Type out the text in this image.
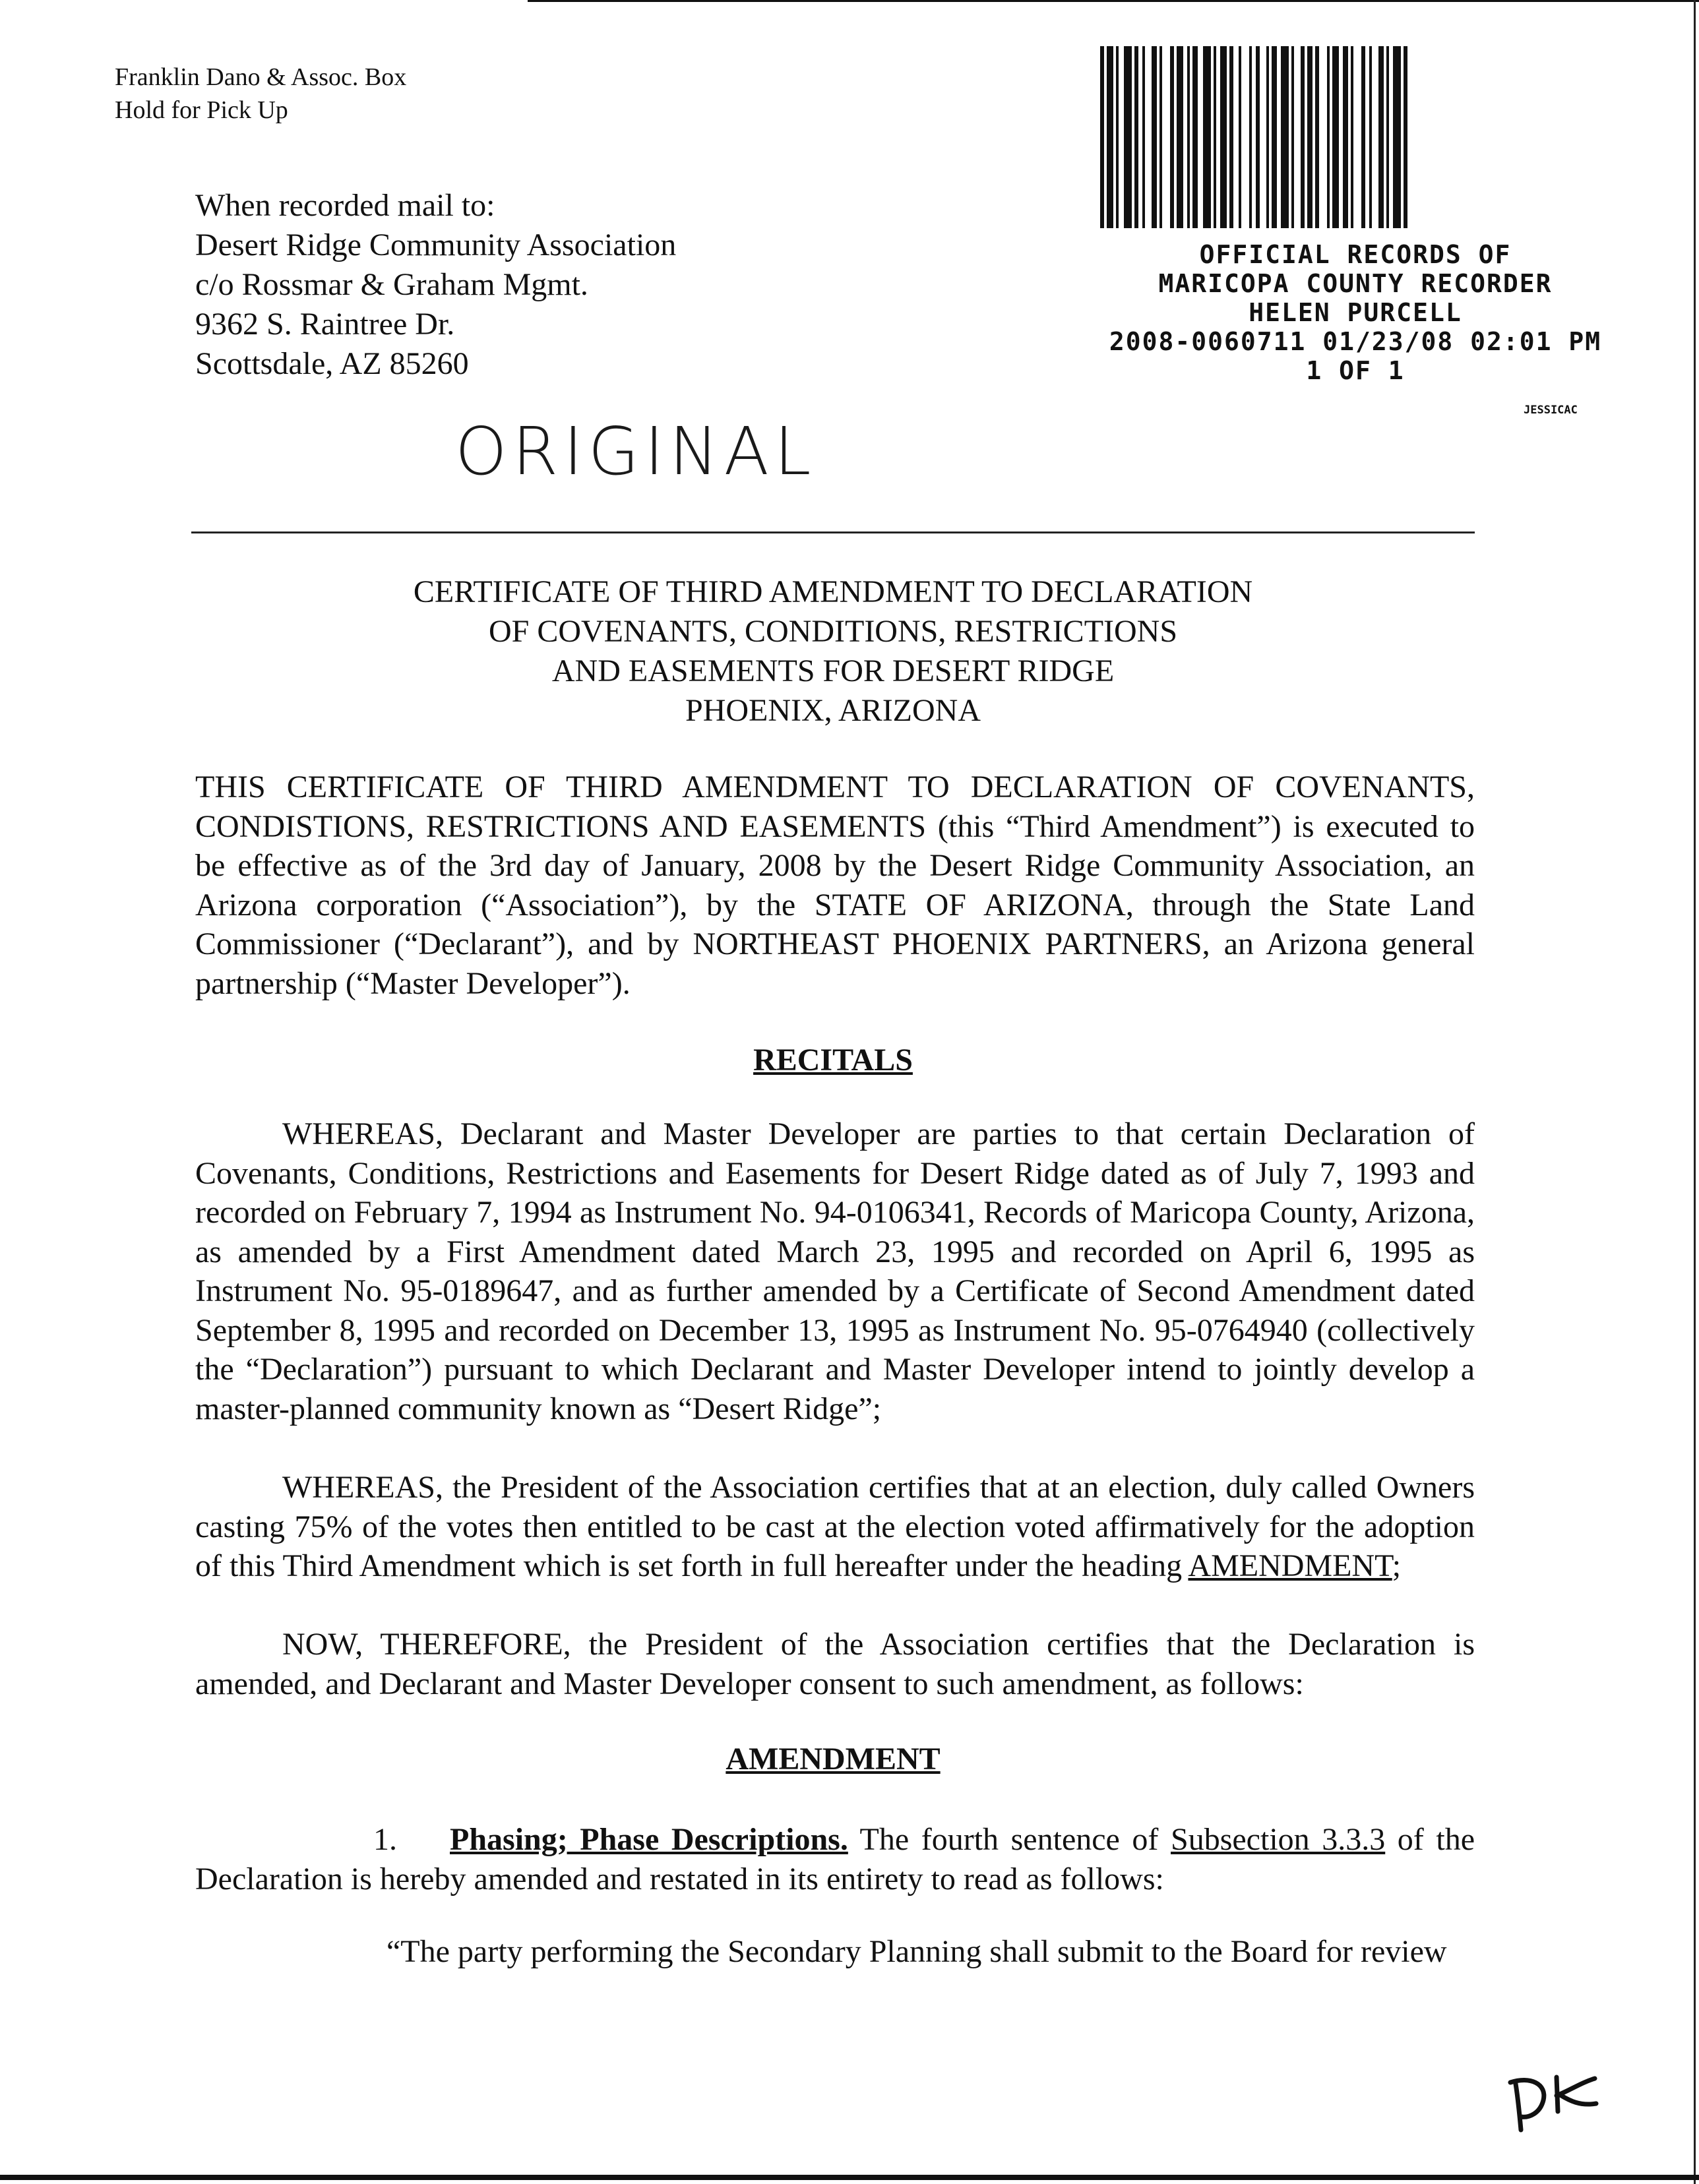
Franklin Dano & Assoc. Box
Hold for Pick Up
When recorded mail to:
Desert Ridge Community Association
c/o Rossmar & Graham Mgmt.
9362 S. Raintree Dr.
Scottsdale, AZ 85260
ORIGINAL
OFFICIAL RECORDS OF
MARICOPA COUNTY RECORDER
HELEN PURCELL
2008-0060711 01/23/08 02:01 PM
1 OF 1
JESSICAC
CERTIFICATE OF THIRD AMENDMENT TO DECLARATION
OF COVENANTS, CONDITIONS, RESTRICTIONS
AND EASEMENTS FOR DESERT RIDGE
PHOENIX, ARIZONA
THIS CERTIFICATE OF THIRD AMENDMENT TO DECLARATION OF COVENANTS, CONDISTIONS, RESTRICTIONS AND EASEMENTS (this “Third Amendment”) is executed to be effective as of the 3rd day of January, 2008 by the Desert Ridge Community Association, an Arizona corporation (“Association”), by the STATE OF ARIZONA, through the State Land Commissioner (“Declarant”), and by NORTHEAST PHOENIX PARTNERS, an Arizona general partnership (“Master Developer”).
RECITALS
WHEREAS, Declarant and Master Developer are parties to that certain Declaration of Covenants, Conditions, Restrictions and Easements for Desert Ridge dated as of July 7, 1993 and recorded on February 7, 1994 as Instrument No. 94-0106341, Records of Maricopa County, Arizona, as amended by a First Amendment dated March 23, 1995 and recorded on April 6, 1995 as Instrument No. 95-0189647, and as further amended by a Certificate of Second Amendment dated September 8, 1995 and recorded on December 13, 1995 as Instrument No. 95-0764940 (collectively the “Declaration”) pursuant to which Declarant and Master Developer intend to jointly develop a master-planned community known as “Desert Ridge”;
WHEREAS, the President of the Association certifies that at an election, duly called Owners casting 75% of the votes then entitled to be cast at the election voted affirmatively for the adoption of this Third Amendment which is set forth in full hereafter under the heading AMENDMENT;
NOW, THEREFORE, the President of the Association certifies that the Declaration is amended, and Declarant and Master Developer consent to such amendment, as follows:
AMENDMENT
1. Phasing; Phase Descriptions. The fourth sentence of Subsection 3.3.3 of the Declaration is hereby amended and restated in its entirety to read as follows:
“The party performing the Secondary Planning shall submit to the Board for review
